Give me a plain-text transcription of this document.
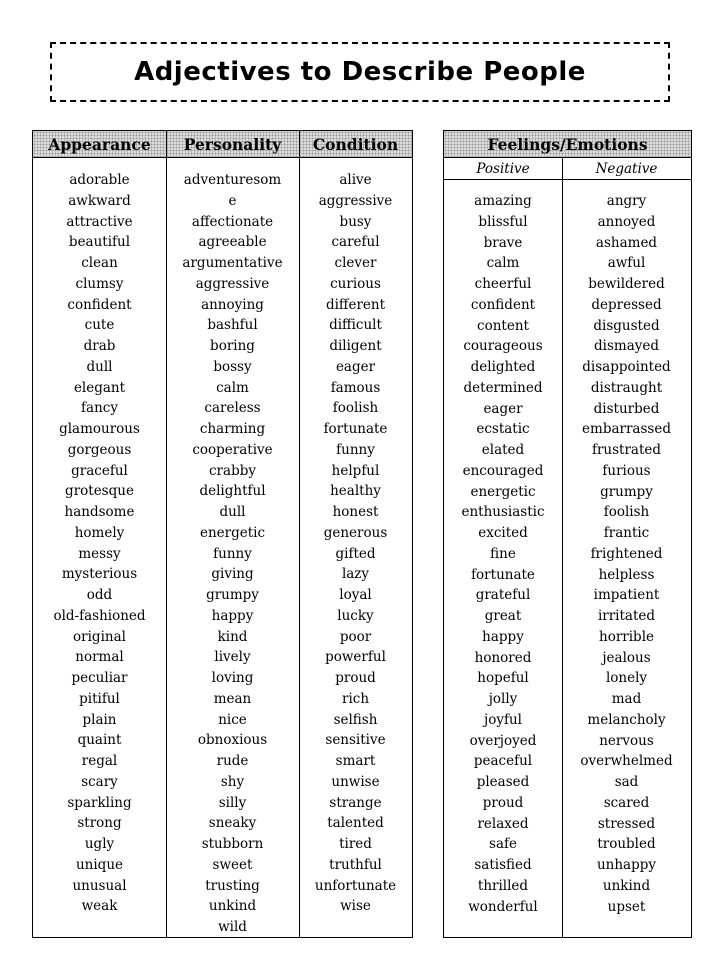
Adjectives to Describe People
Appearance Personality Condition
adorable
awkward
attractive
beautiful
clean
clumsy
confident
cute
drab
dull
elegant
fancy
glamourous
gorgeous
graceful
grotesque
handsome
homely
messy
mysterious
odd
old-fashioned
original
normal
peculiar
pitiful
plain
quaint
regal
scary
sparkling
strong
ugly
unique
unusual
weak
adventuresom
e
affectionate
agreeable
argumentative
aggressive
annoying
bashful
boring
bossy
calm
careless
charming
cooperative
crabby
delightful
dull
energetic
funny
giving
grumpy
happy
kind
lively
loving
mean
nice
obnoxious
rude
shy
silly
sneaky
stubborn
sweet
trusting
unkind
wild
alive
aggressive
busy
careful
clever
curious
different
difficult
diligent
eager
famous
foolish
fortunate
funny
helpful
healthy
honest
generous
gifted
lazy
loyal
lucky
poor
powerful
proud
rich
selfish
sensitive
smart
unwise
strange
talented
tired
truthful
unfortunate
wise
Feelings/Emotions
Positive	Negative
amazing
blissful
brave
calm
cheerful
confident
content
courageous
delighted
determined
eager
ecstatic
elated
encouraged
energetic
enthusiastic
excited
fine
fortunate
grateful
great
happy
honored
hopeful
jolly
joyful
overjoyed
peaceful
pleased
proud
relaxed
safe
satisfied
thrilled
wonderful
angry
annoyed
ashamed
awful
bewildered
depressed
disgusted
dismayed
disappointed
distraught
disturbed
embarrassed
frustrated
furious
grumpy
foolish
frantic
frightened
helpless
impatient
irritated
horrible
jealous
lonely
mad
melancholy
nervous
overwhelmed
sad
scared
stressed
troubled
unhappy
unkind
upset
